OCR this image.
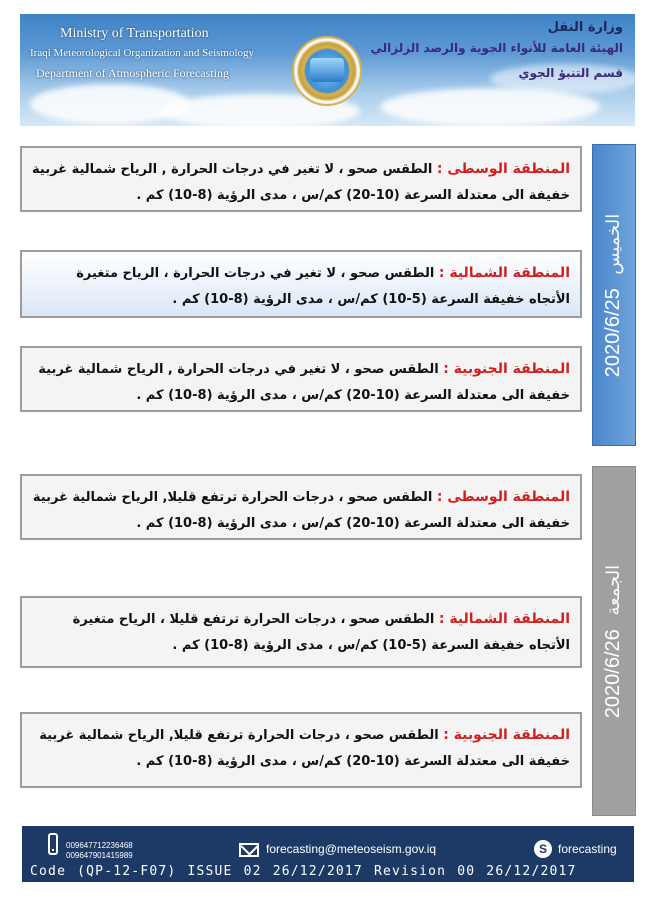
Ministry of Transportation
Iraqi Meteorological Organization and Seismology
Department of Atmospheric Forecasting
وزارة النقل
الهيئة العامة للأنواء الجوية والرصد الزلزالي
قسم التنبؤ الجوي
2020/6/25 الخميس
2020/6/26 الجمعة
المنطقة الوسطى : الطقس صحو ، لا تغير في درجات الحرارة , الرياح شمالية غربية خفيفة الى معتدلة السرعة (10-20) كم/س ، مدى الرؤية (8-10) كم .
المنطقة الشمالية : الطقس صحو ، لا تغير في درجات الحرارة ، الرياح متغيرة الأتجاه خفيفة السرعة (5-10) كم/س ، مدى الرؤية (8-10) كم .
المنطقة الجنوبية : الطقس صحو ، لا تغير في درجات الحرارة , الرياح شمالية غربية خفيفة الى معتدلة السرعة (10-20) كم/س ، مدى الرؤية (8-10) كم .
المنطقة الوسطى : الطقس صحو ، درجات الحرارة ترتفع قليلا, الرياح شمالية غربية خفيفة الى معتدلة السرعة (10-20) كم/س ، مدى الرؤية (8-10) كم .
المنطقة الشمالية : الطقس صحو ، درجات الحرارة ترتفع قليلا ، الرياح متغيرة الأتجاه خفيفة السرعة (5-10) كم/س ، مدى الرؤية (8-10) كم .
المنطقة الجنوبية : الطقس صحو ، درجات الحرارة ترتفع قليلا, الرياح شمالية غربية خفيفة الى معتدلة السرعة (10-20) كم/س ، مدى الرؤية (8-10) كم .
009647712236468
009647901415989	forecasting@meteoseism.gov.iq	S forecasting
Code (QP-12-F07) ISSUE 02 26/12/2017 Revision 00 26/12/2017
